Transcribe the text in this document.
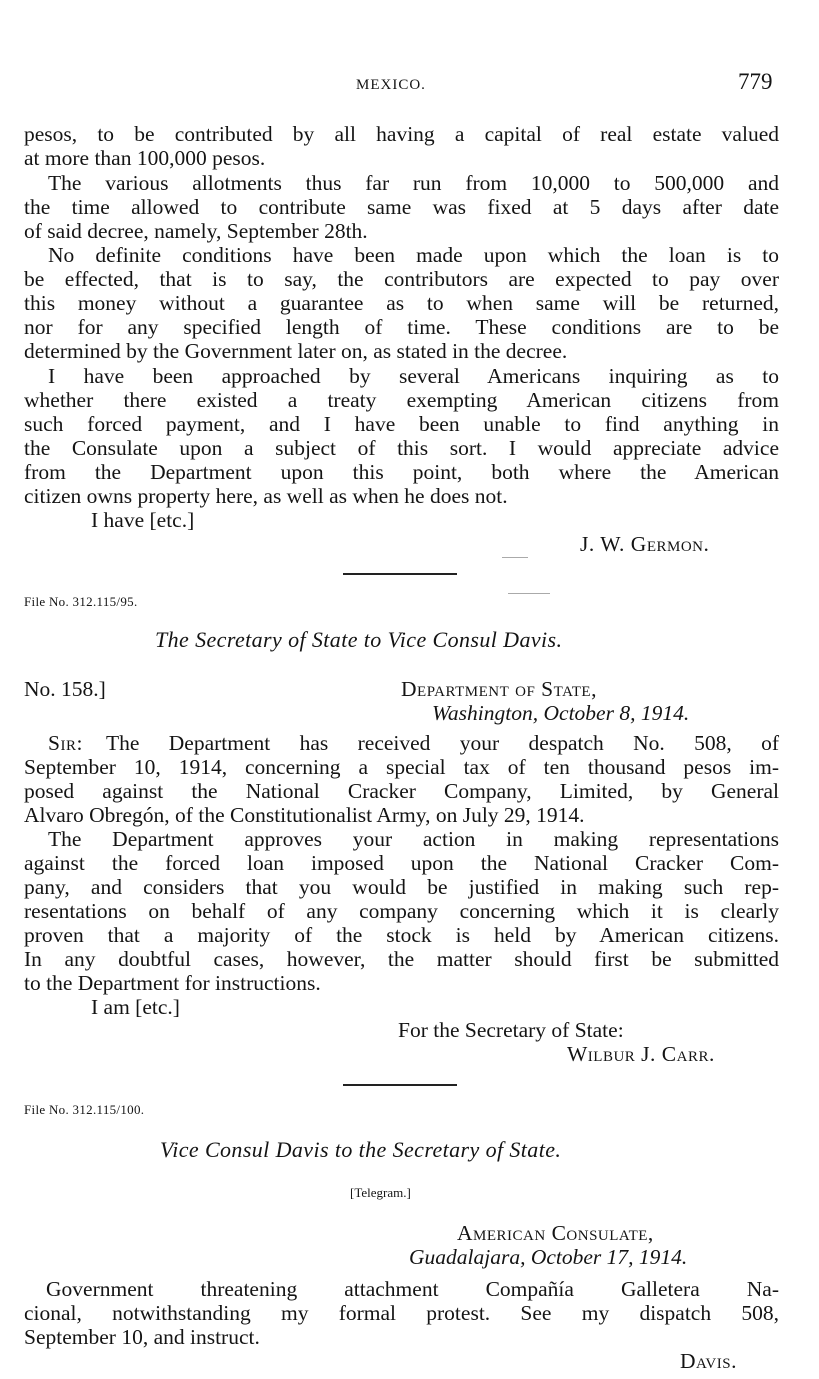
MEXICO.	779
pesos, to be contributed by all having a capital of real estate valued
at more than 100,000 pesos.
The various allotments thus far run from 10,000 to 500,000 and
the time allowed to contribute same was fixed at 5 days after date
of said decree, namely, September 28th.
No definite conditions have been made upon which the loan is to
be effected, that is to say, the contributors are expected to pay over
this money without a guarantee as to when same will be returned,
nor for any specified length of time. These conditions are to be
determined by the Government later on, as stated in the decree.
I have been approached by several Americans inquiring as to
whether there existed a treaty exempting American citizens from
such forced payment, and I have been unable to find anything in
the Consulate upon a subject of this sort. I would appreciate advice
from the Department upon this point, both where the American
citizen owns property here, as well as when he does not.
I have [etc.]
J. W. Germon.
File No. 312.115/95.
The Secretary of State to Vice Consul Davis.
No. 158.]	Department of State,
Washington, October 8, 1914.
Sir: The Department has received your despatch No. 508, of
September 10, 1914, concerning a special tax of ten thousand pesos im-
posed against the National Cracker Company, Limited, by General
Alvaro Obregón, of the Constitutionalist Army, on July 29, 1914.
The Department approves your action in making representations
against the forced loan imposed upon the National Cracker Com-
pany, and considers that you would be justified in making such rep-
resentations on behalf of any company concerning which it is clearly
proven that a majority of the stock is held by American citizens.
In any doubtful cases, however, the matter should first be submitted
to the Department for instructions.
I am [etc.]
For the Secretary of State:
Wilbur J. Carr.
File No. 312.115/100.
Vice Consul Davis to the Secretary of State.
[Telegram.]
American Consulate,
Guadalajara, October 17, 1914.
Government threatening attachment Compañía Galletera Na-
cional, notwithstanding my formal protest. See my dispatch 508,
September 10, and instruct.
Davis.
